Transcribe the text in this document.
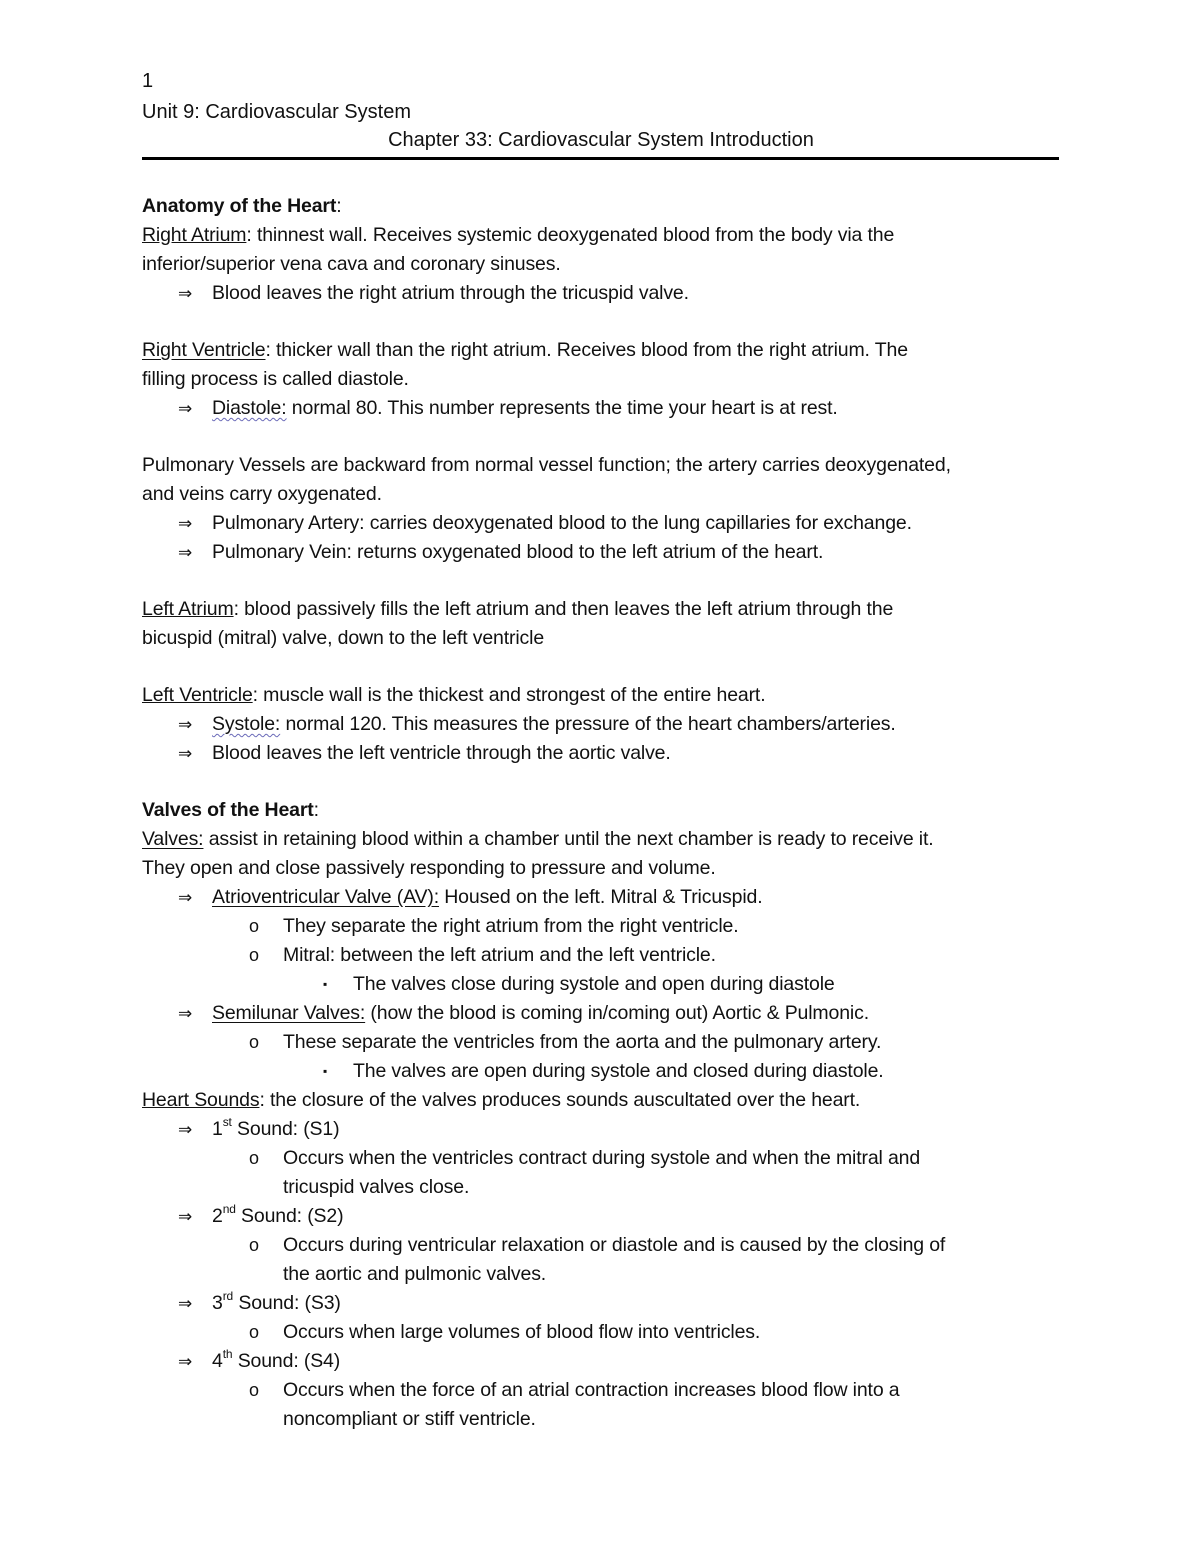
1
Unit 9: Cardiovascular System
Chapter 33: Cardiovascular System Introduction
Anatomy of the Heart:
Right Atrium: thinnest wall. Receives systemic deoxygenated blood from the body via the
inferior/superior vena cava and coronary sinuses.
⇒ Blood leaves the right atrium through the tricuspid valve.
Right Ventricle: thicker wall than the right atrium. Receives blood from the right atrium. The
filling process is called diastole.
⇒ Diastole: normal 80. This number represents the time your heart is at rest.
Pulmonary Vessels are backward from normal vessel function; the artery carries deoxygenated,
and veins carry oxygenated.
⇒ Pulmonary Artery: carries deoxygenated blood to the lung capillaries for exchange.
⇒ Pulmonary Vein: returns oxygenated blood to the left atrium of the heart.
Left Atrium: blood passively fills the left atrium and then leaves the left atrium through the
bicuspid (mitral) valve, down to the left ventricle
Left Ventricle: muscle wall is the thickest and strongest of the entire heart.
⇒ Systole: normal 120. This measures the pressure of the heart chambers/arteries.
⇒ Blood leaves the left ventricle through the aortic valve.
Valves of the Heart:
Valves: assist in retaining blood within a chamber until the next chamber is ready to receive it.
They open and close passively responding to pressure and volume.
⇒ Atrioventricular Valve (AV): Housed on the left. Mitral & Tricuspid.
o They separate the right atrium from the right ventricle.
o Mitral: between the left atrium and the left ventricle.
▪ The valves close during systole and open during diastole
⇒ Semilunar Valves: (how the blood is coming in/coming out) Aortic & Pulmonic.
o These separate the ventricles from the aorta and the pulmonary artery.
▪ The valves are open during systole and closed during diastole.
Heart Sounds: the closure of the valves produces sounds auscultated over the heart.
⇒ 1st Sound: (S1)
o Occurs when the ventricles contract during systole and when the mitral and
tricuspid valves close.
⇒ 2nd Sound: (S2)
o Occurs during ventricular relaxation or diastole and is caused by the closing of
the aortic and pulmonic valves.
⇒ 3rd Sound: (S3)
o Occurs when large volumes of blood flow into ventricles.
⇒ 4th Sound: (S4)
o Occurs when the force of an atrial contraction increases blood flow into a
noncompliant or stiff ventricle.
